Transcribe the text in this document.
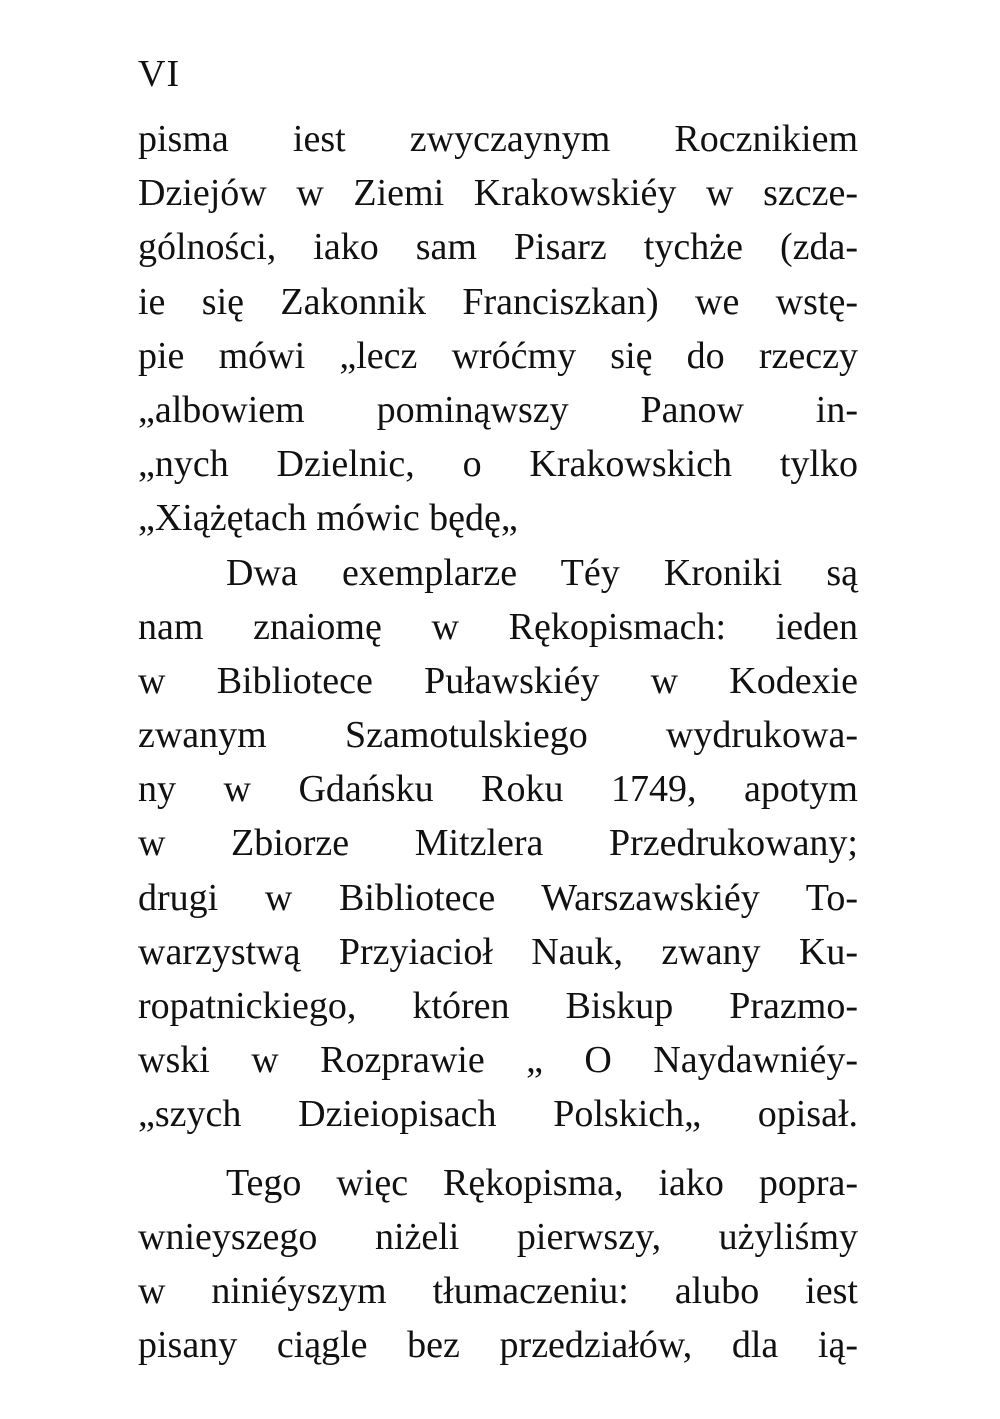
VI
pisma iest zwyczaynym Rocznikiem
Dziejów w Ziemi Krakowskiéy w szcze-
gólności, iako sam Pisarz tychże (zda-
ie się Zakonnik Franciszkan) we wstę-
pie mówi „lecz wróćmy się do rzeczy
„albowiem pominąwszy Panow in-
„nych Dzielnic, o Krakowskich tylko
„Xiążętach mówic będę„
Dwa exemplarze Téy Kroniki są
nam znaiomę w Rękopismach: ieden
w Bibliotece Puławskiéy w Kodexie
zwanym Szamotulskiego wydrukowa-
ny w Gdańsku Roku 1749, apotym
w Zbiorze Mitzlera Przedrukowany;
drugi w Bibliotece Warszawskiéy To-
warzystwą Przyiacioł Nauk, zwany Ku-
ropatnickiego, któren Biskup Prazmo-
wski w Rozprawie „ O Naydawniéy-
„szych Dzieiopisach Polskich„ opisał.
Tego więc Rękopisma, iako popra-
wnieyszego niżeli pierwszy, użyliśmy
w niniéyszym tłumaczeniu: alubo iest
pisany ciągle bez przedziałów, dla ią-
